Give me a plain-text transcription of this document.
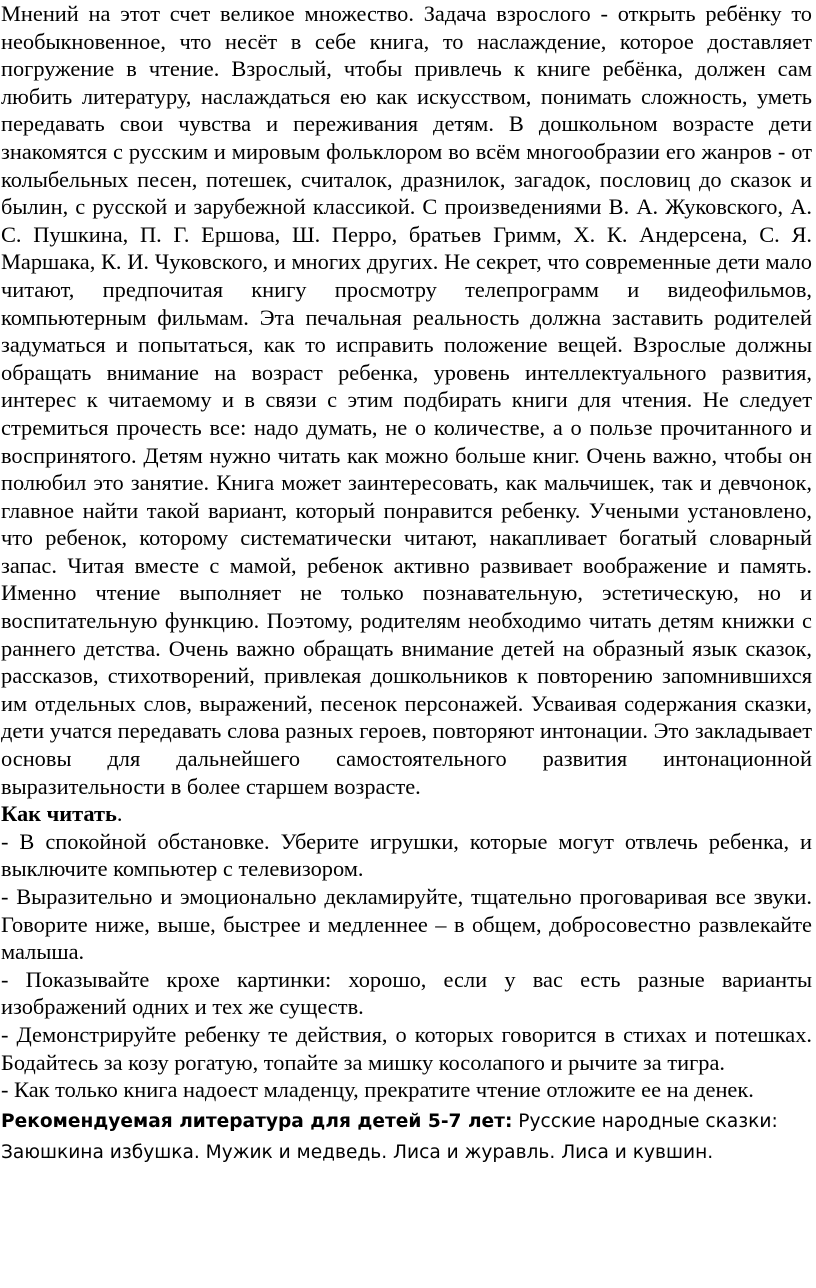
Мнений на этот счет великое множество. Задача взрослого - открыть ребёнку то необыкновенное, что несёт в себе книга, то наслаждение, которое доставляет погружение в чтение. Взрослый, чтобы привлечь к книге ребёнка, должен сам любить литературу, наслаждаться ею как искусством, понимать сложность, уметь передавать свои чувства и переживания детям. В дошкольном возрасте дети знакомятся с русским и мировым фольклором во всём многообразии его жанров - от колыбельных песен, потешек, считалок, дразнилок, загадок, пословиц до сказок и былин, с русской и зарубежной классикой. С произведениями В. А. Жуковского, А. С. Пушкина, П. Г. Ершова, Ш. Перро, братьев Гримм, Х. К. Андерсена, С. Я. Маршака, К. И. Чуковского, и многих других. Не секрет, что современные дети мало читают, предпочитая книгу просмотру телепрограмм и видеофильмов, компьютерным фильмам. Эта печальная реальность должна заставить родителей задуматься и попытаться, как то исправить положение вещей. Взрослые должны обращать внимание на возраст ребенка, уровень интеллектуального развития, интерес к читаемому и в связи с этим подбирать книги для чтения. Не следует стремиться прочесть все: надо думать, не о количестве, а о пользе прочитанного и воспринятого. Детям нужно читать как можно больше книг. Очень важно, чтобы он полюбил это занятие. Книга может заинтересовать, как мальчишек, так и девчонок, главное найти такой вариант, который понравится ребенку. Учеными установлено, что ребенок, которому систематически читают, накапливает богатый словарный запас. Читая вместе с мамой, ребенок активно развивает воображение и память. Именно чтение выполняет не только познавательную, эстетическую, но и воспитательную функцию. Поэтому, родителям необходимо читать детям книжки с раннего детства. Очень важно обращать внимание детей на образный язык сказок, рассказов, стихотворений, привлекая дошкольников к повторению запомнившихся им отдельных слов, выражений, песенок персонажей. Усваивая содержания сказки, дети учатся передавать слова разных героев, повторяют интонации. Это закладывает основы для дальнейшего самостоятельного развития интонационной выразительности в более старшем возрасте.

Как читать.

- В спокойной обстановке. Уберите игрушки, которые могут отвлечь ребенка, и выключите компьютер с телевизором.

- Выразительно и эмоционально декламируйте, тщательно проговаривая все звуки. Говорите ниже, выше, быстрее и медленнее – в общем, добросовестно развлекайте малыша.

- Показывайте крохе картинки: хорошо, если у вас есть разные варианты изображений одних и тех же существ.

- Демонстрируйте ребенку те действия, о которых говорится в стихах и потешках. Бодайтесь за козу рогатую, топайте за мишку косолапого и рычите за тигра.

- Как только книга надоест младенцу, прекратите чтение отложите ее на денек.

Рекомендуемая литература для детей 5-7 лет: Русские народные сказки:
Заюшкина избушка. Мужик и медведь. Лиса и журавль. Лиса и кувшин.
